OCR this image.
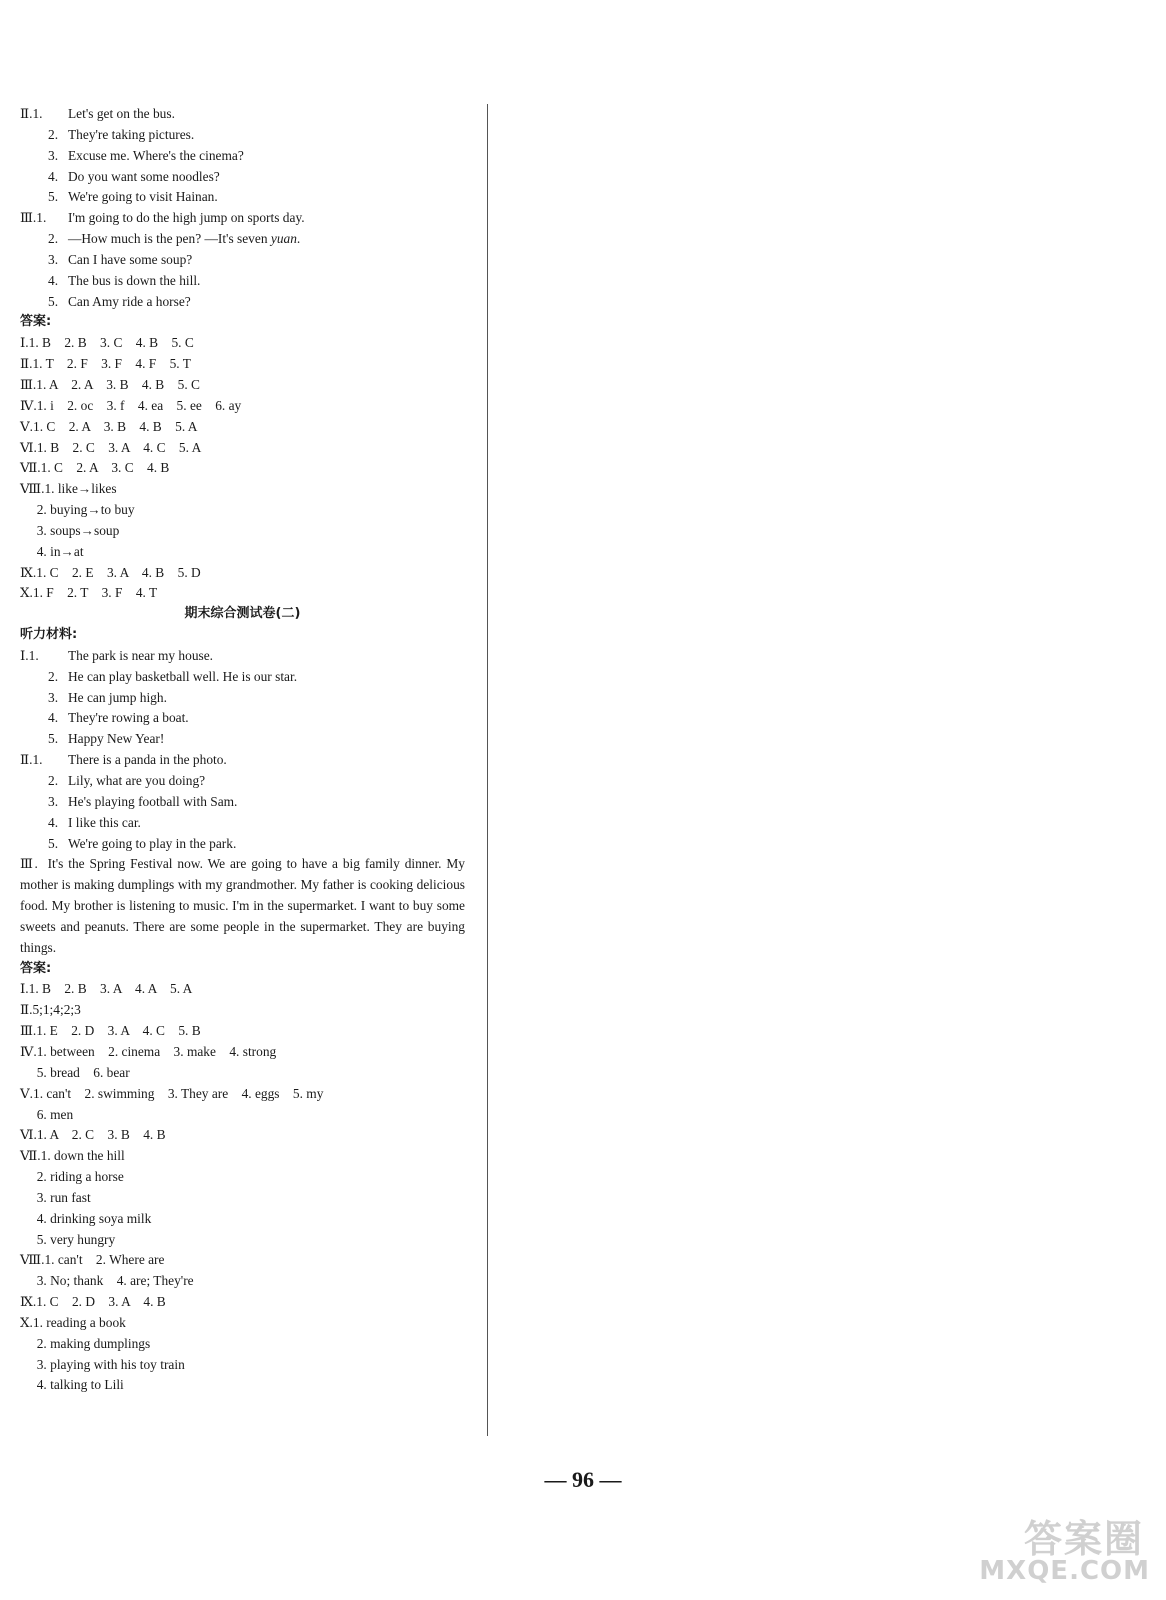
Ⅱ.1. Let's get on the bus.
2. They're taking pictures.
3. Excuse me. Where's the cinema?
4. Do you want some noodles?
5. We're going to visit Hainan.
Ⅲ.1. I'm going to do the high jump on sports day.
2. —How much is the pen? —It's seven yuan.
3. Can I have some soup?
4. The bus is down the hill.
5. Can Amy ride a horse?
答案:
Ⅰ.1. B　2. B　3. C　4. B　5. C
Ⅱ.1. T　2. F　3. F　4. F　5. T
Ⅲ.1. A　2. A　3. B　4. B　5. C
Ⅳ.1. i　2. oc　3. f　4. ea　5. ee　6. ay
Ⅴ.1. C　2. A　3. B　4. B　5. A
Ⅵ.1. B　2. C　3. A　4. C　5. A
Ⅶ.1. C　2. A　3. C　4. B
Ⅷ.1. like→likes
　 2. buying→to buy
　 3. soups→soup
　 4. in→at
Ⅸ.1. C　2. E　3. A　4. B　5. D
Ⅹ.1. F　2. T　3. F　4. T
期末综合测试卷(二)
听力材料:
Ⅰ.1. The park is near my house.
2. He can play basketball well. He is our star.
3. He can jump high.
4. They're rowing a boat.
5. Happy New Year!
Ⅱ.1. There is a panda in the photo.
2. Lily, what are you doing?
3. He's playing football with Sam.
4. I like this car.
5. We're going to play in the park.
Ⅲ. It's the Spring Festival now. We are going to have a big family dinner. My mother is making dumplings with my grandmother. My father is cooking delicious food. My brother is listening to music. I'm in the supermarket. I want to buy some sweets and peanuts. There are some people in the supermarket. They are buying things.
答案:
Ⅰ.1. B　2. B　3. A　4. A　5. A
Ⅱ.5;1;4;2;3
Ⅲ.1. E　2. D　3. A　4. C　5. B
Ⅳ.1. between　2. cinema　3. make　4. strong
　 5. bread　6. bear
Ⅴ.1. can't　2. swimming　3. They are　4. eggs　5. my
　 6. men
Ⅵ.1. A　2. C　3. B　4. B
Ⅶ.1. down the hill
　 2. riding a horse
　 3. run fast
　 4. drinking soya milk
　 5. very hungry
Ⅷ.1. can't　2. Where are
　 3. No; thank　4. are; They're
Ⅸ.1. C　2. D　3. A　4. B
Ⅹ.1. reading a book
　 2. making dumplings
　 3. playing with his toy train
　 4. talking to Lili
— 96 —
答案圈
MXQE.COM
